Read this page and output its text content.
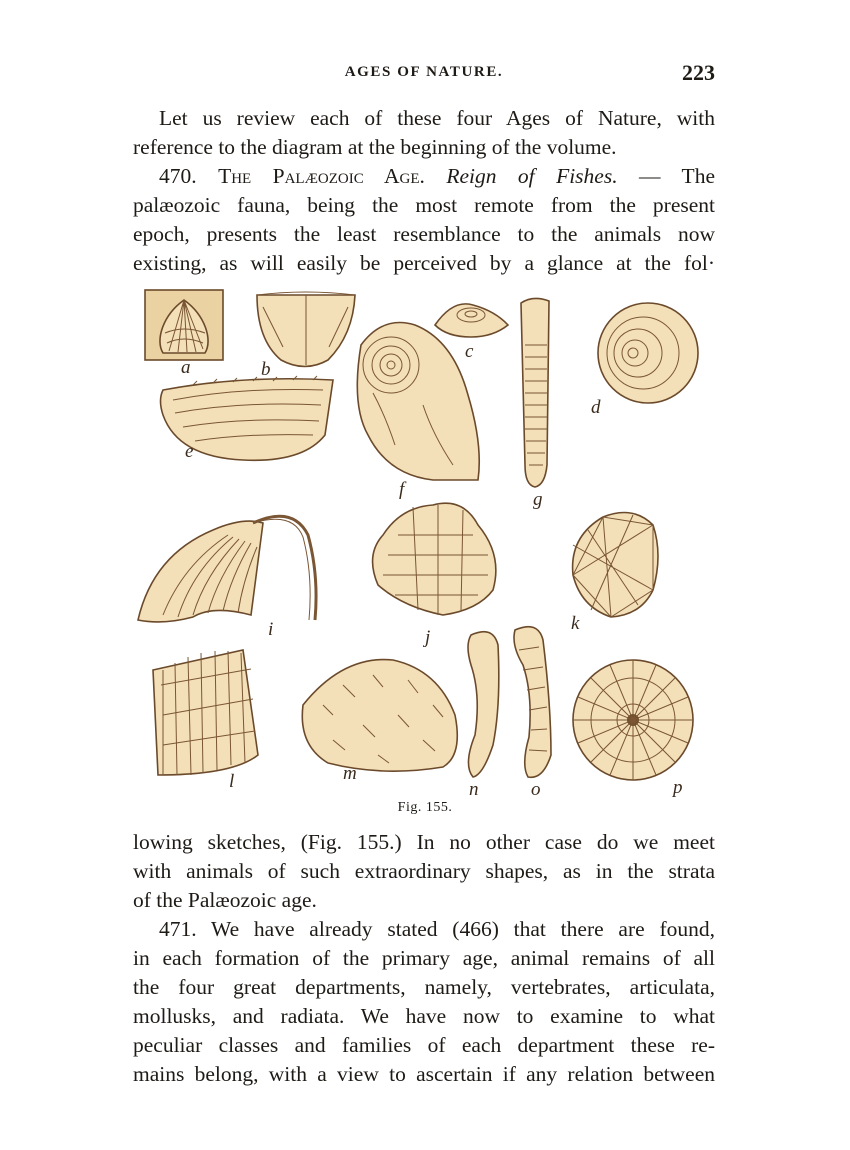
AGES OF NATURE.	223
Let us review each of these four Ages of Nature, with
reference to the diagram at the beginning of the volume.
470. The Palæozoic Age. Reign of Fishes. — The
palæozoic fauna, being the most remote from the present
epoch, presents the least resemblance to the animals now
existing, as will easily be perceived by a glance at the fol·
a	b
c
d
e
f	g
i	j
k
l	m
n	o	p
Fig. 155.
lowing sketches, (Fig. 155.) In no other case do we meet
with animals of such extraordinary shapes, as in the strata
of the Palæozoic age.
471. We have already stated (466) that there are found,
in each formation of the primary age, animal remains of all
the four great departments, namely, vertebrates, articulata,
mollusks, and radiata. We have now to examine to what
peculiar classes and families of each department these re-
mains belong, with a view to ascertain if any relation between
